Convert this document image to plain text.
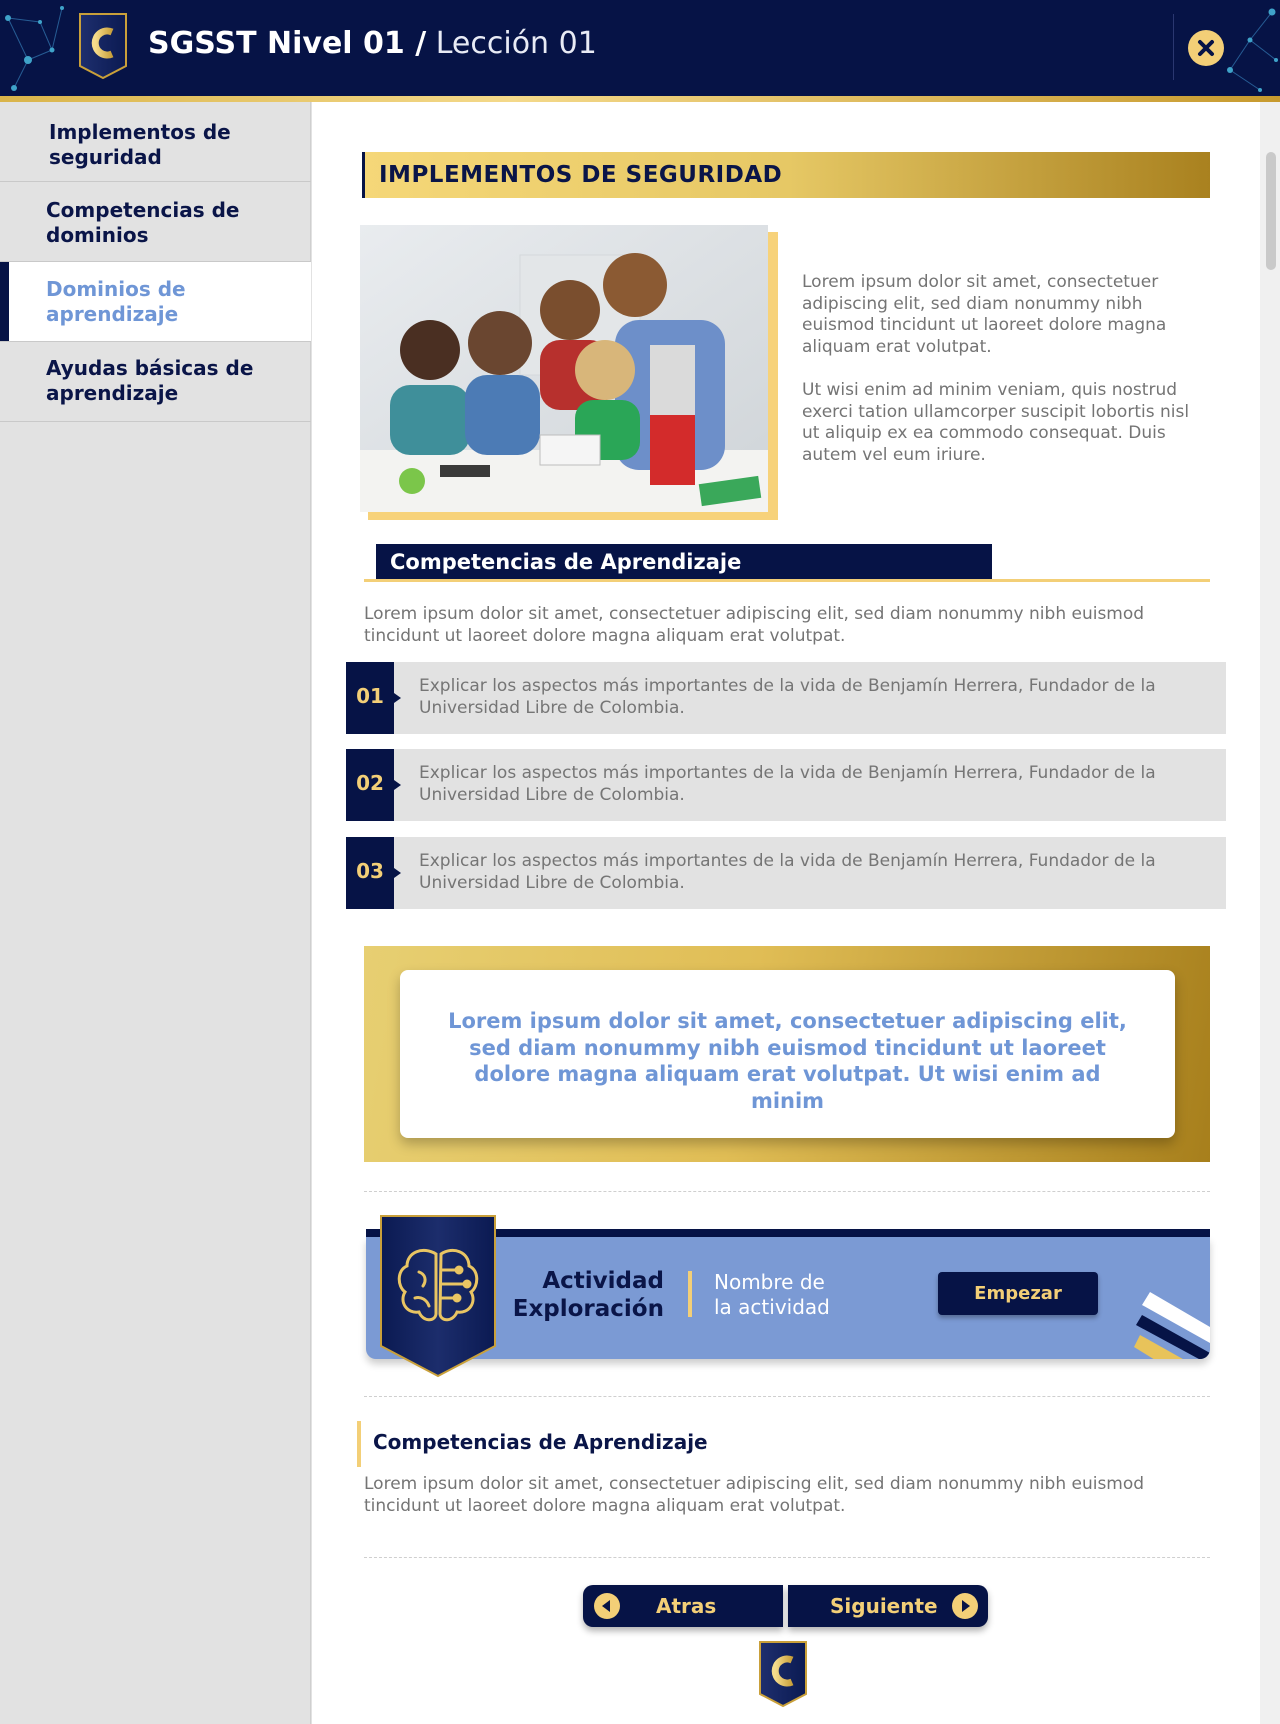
SGSST Nivel 01 / Lección 01
Implementos de seguridad
Competencias de dominios
Dominios de aprendizaje
Ayudas básicas de aprendizaje
IMPLEMENTOS DE SEGURIDAD

Lorem ipsum dolor sit amet, consectetuer adipiscing elit, sed diam nonummy nibh euismod tincidunt ut laoreet dolore magna aliquam erat volutpat.

Ut wisi enim ad minim veniam, quis nostrud exerci tation ullamcorper suscipit lobortis nisl ut aliquip ex ea commodo consequat. Duis autem vel eum iriure.

Competencias de Aprendizaje

Lorem ipsum dolor sit amet, consectetuer adipiscing elit, sed diam nonummy nibh euismod tincidunt ut laoreet dolore magna aliquam erat volutpat.

01	Explicar los aspectos más importantes de la vida de Benjamín Herrera, Fundador de la Universidad Libre de Colombia.

02	Explicar los aspectos más importantes de la vida de Benjamín Herrera, Fundador de la Universidad Libre de Colombia.

03	Explicar los aspectos más importantes de la vida de Benjamín Herrera, Fundador de la Universidad Libre de Colombia.

Lorem ipsum dolor sit amet, consectetuer adipiscing elit, sed diam nonummy nibh euismod tincidunt ut laoreet dolore magna aliquam erat volutpat. Ut wisi enim ad minim
Actividad
Exploración
Nombre de
la actividad
Empezar
Competencias de Aprendizaje

Lorem ipsum dolor sit amet, consectetuer adipiscing elit, sed diam nonummy nibh euismod tincidunt ut laoreet dolore magna aliquam erat volutpat.

Atras	Siguiente
